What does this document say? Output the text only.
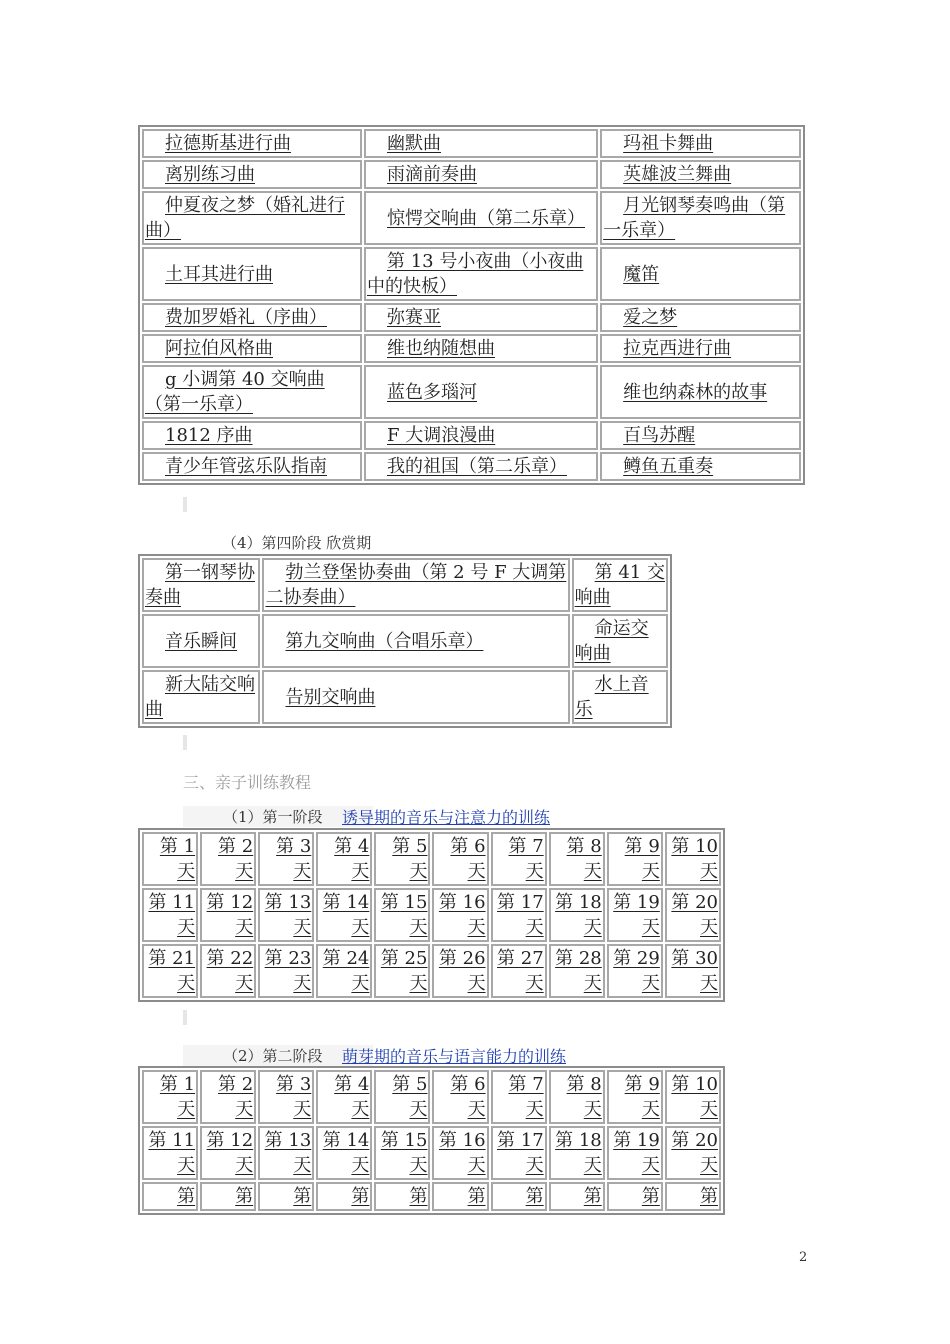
拉德斯基进行曲	幽默曲	玛祖卡舞曲
离别练习曲	雨滴前奏曲	英雄波兰舞曲
仲夏夜之梦（婚礼进行曲）	惊愕交响曲（第二乐章）	月光钢琴奏鸣曲（第一乐章）
土耳其进行曲	第 13 号小夜曲（小夜曲中的快板）	魔笛
费加罗婚礼（序曲）	弥赛亚	爱之梦
阿拉伯风格曲	维也纳随想曲	拉克西进行曲
g 小调第 40 交响曲（第一乐章）	蓝色多瑙河	维也纳森林的故事
1812 序曲	F 大调浪漫曲	百鸟苏醒
青少年管弦乐队指南	我的祖国（第二乐章）	鳟鱼五重奏
（4）第四阶段 欣赏期
第一钢琴协奏曲	勃兰登堡协奏曲（第 2 号 F 大调第二协奏曲）	第 41 交响曲
音乐瞬间	第九交响曲（合唱乐章）	命运交响曲
新大陆交响曲	告别交响曲	水上音乐
三、亲子训练教程
（1）第一阶段	诱导期的音乐与注意力的训练
第 1 天	第 2 天	第 3 天	第 4 天	第 5 天	第 6 天	第 7 天	第 8 天	第 9 天	第 10 天
第 11 天	第 12 天	第 13 天	第 14 天	第 15 天	第 16 天	第 17 天	第 18 天	第 19 天	第 20 天
第 21 天	第 22 天	第 23 天	第 24 天	第 25 天	第 26 天	第 27 天	第 28 天	第 29 天	第 30 天
（2）第二阶段	萌芽期的音乐与语言能力的训练
第 1 天	第 2 天	第 3 天	第 4 天	第 5 天	第 6 天	第 7 天	第 8 天	第 9 天	第 10 天
第 11 天	第 12 天	第 13 天	第 14 天	第 15 天	第 16 天	第 17 天	第 18 天	第 19 天	第 20 天
第	第	第	第	第	第	第	第	第	第
2
